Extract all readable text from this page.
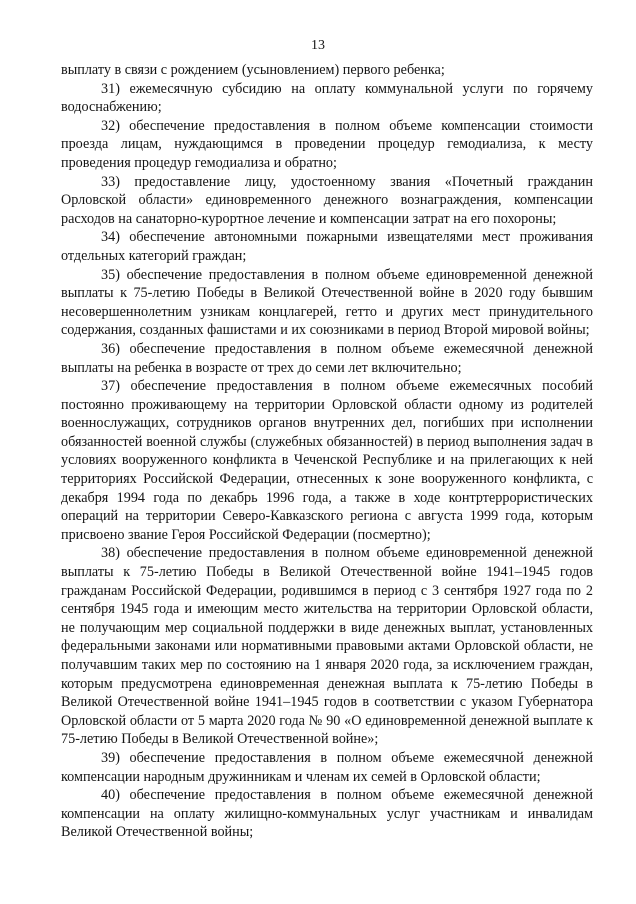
13

выплату в связи с рождением (усыновлением) первого ребенка;

31) ежемесячную субсидию на оплату коммунальной услуги по горячему водоснабжению;

32) обеспечение предоставления в полном объеме компенсации стоимости проезда лицам, нуждающимся в проведении процедур гемодиализа, к месту проведения процедур гемодиализа и обратно;

33) предоставление лицу, удостоенному звания «Почетный гражданин Орловской области» единовременного денежного вознаграждения, компенсации расходов на санаторно-курортное лечение и компенсации затрат на его похороны;

34) обеспечение автономными пожарными извещателями мест проживания отдельных категорий граждан;

35) обеспечение предоставления в полном объеме единовременной денежной выплаты к 75-летию Победы в Великой Отечественной войне в 2020 году бывшим несовершеннолетним узникам концлагерей, гетто и других мест принудительного содержания, созданных фашистами и их союзниками в период Второй мировой войны;

36) обеспечение предоставления в полном объеме ежемесячной денежной выплаты на ребенка в возрасте от трех до семи лет включительно;

37) обеспечение предоставления в полном объеме ежемесячных пособий постоянно проживающему на территории Орловской области одному из родителей военнослужащих, сотрудников органов внутренних дел, погибших при исполнении обязанностей военной службы (служебных обязанностей) в период выполнения задач в условиях вооруженного конфликта в Чеченской Республике и на прилегающих к ней территориях Российской Федерации, отнесенных к зоне вооруженного конфликта, с декабря 1994 года по декабрь 1996 года, а также в ходе контртеррористических операций на территории Северо-Кавказского региона с августа 1999 года, которым присвоено звание Героя Российской Федерации (посмертно);

38) обеспечение предоставления в полном объеме единовременной денежной выплаты к 75-летию Победы в Великой Отечественной войне 1941–1945 годов гражданам Российской Федерации, родившимся в период с 3 сентября 1927 года по 2 сентября 1945 года и имеющим место жительства на территории Орловской области, не получающим мер социальной поддержки в виде денежных выплат, установленных федеральными законами или нормативными правовыми актами Орловской области, не получавшим таких мер по состоянию на 1 января 2020 года, за исключением граждан, которым предусмотрена единовременная денежная выплата к 75-летию Победы в Великой Отечественной войне 1941–1945 годов в соответствии с указом Губернатора Орловской области от 5 марта 2020 года № 90 «О единовременной денежной выплате к 75-летию Победы в Великой Отечественной войне»;

39) обеспечение предоставления в полном объеме ежемесячной денежной компенсации народным дружинникам и членам их семей в Орловской области;

40) обеспечение предоставления в полном объеме ежемесячной денежной компенсации на оплату жилищно-коммунальных услуг участникам и инвалидам Великой Отечественной войны;
